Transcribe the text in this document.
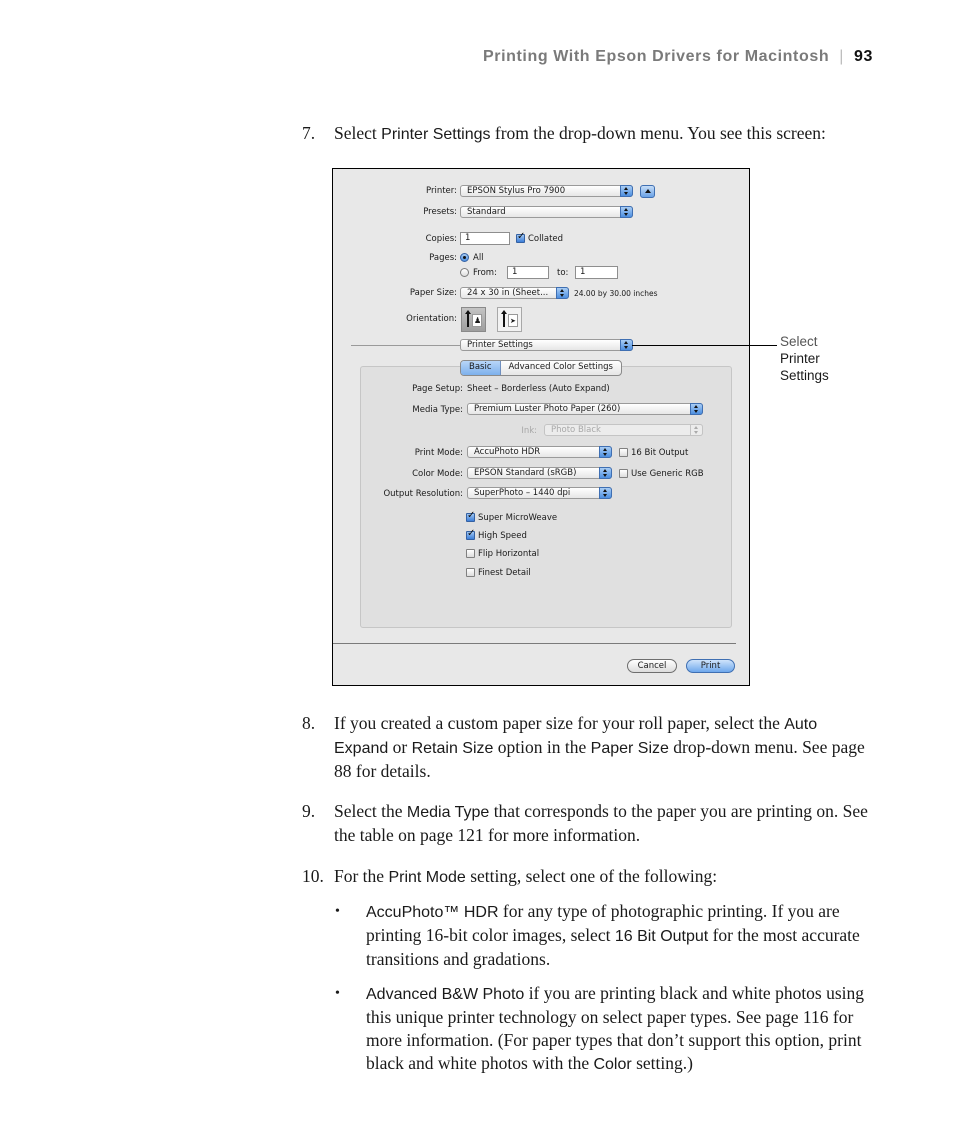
Printing With Epson Drivers for Macintosh | 93
7. Select Printer Settings from the drop-down menu. You see this screen:
Printer: EPSON Stylus Pro 7900
Presets: Standard
Copies: 1 ✓	Collated
Pages: All
From:	1	to:	1
Paper Size: 24 x 30 in (Sheet...	24.00 by 30.00 inches
Orientation: ♟	➤
Printer Settings
Basic	Advanced Color Settings
Page Setup: Sheet – Borderless (Auto Expand)
Media Type: Premium Luster Photo Paper (260)
Ink: Photo Black
Print Mode: AccuPhoto HDR	16 Bit Output
Color Mode: EPSON Standard (sRGB)	Use Generic RGB
Output Resolution: SuperPhoto – 1440 dpi
✓
Super MicroWeave
✓
High Speed
Flip Horizontal
Finest Detail
Cancel	Print
Select
Printer
Settings
8. If you created a custom paper size for your roll paper, select the Auto Expand or Retain Size option in the Paper Size drop-down menu. See page 88 for details.
9. Select the Media Type that corresponds to the paper you are printing on. See the table on page 121 for more information.
10. For the Print Mode setting, select one of the following:
• AccuPhoto™ HDR for any type of photographic printing. If you are printing 16-bit color images, select 16 Bit Output for the most accurate transitions and gradations.
• Advanced B&W Photo if you are printing black and white photos using this unique printer technology on select paper types. See page 116 for more information. (For paper types that don’t support this option, print black and white photos with the Color setting.)
